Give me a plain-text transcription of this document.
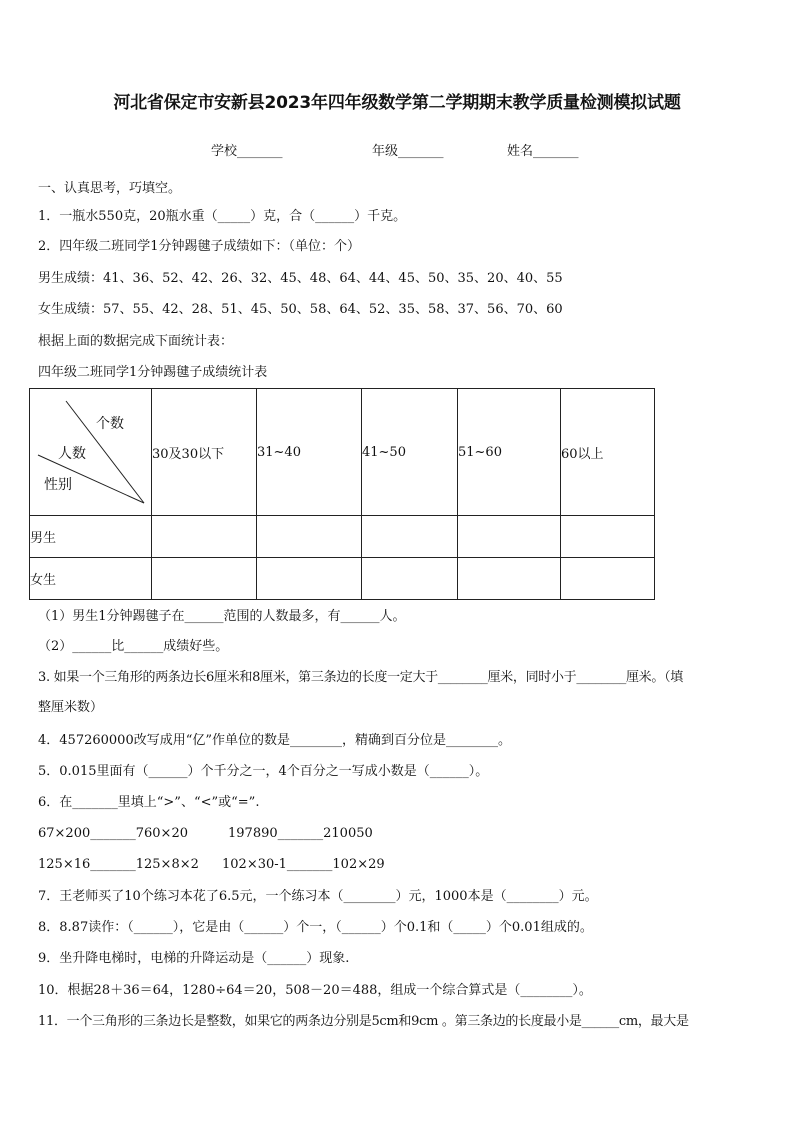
河北省保定市安新县2023年四年级数学第二学期期末教学质量检测模拟试题
学校_______	年级_______	姓名_______
一、认真思考，巧填空。
1．一瓶水550克，20瓶水重（_____）克，合（______）千克。
2．四年级二班同学1分钟踢毽子成绩如下：（单位：个）
男生成绩：41、36、52、42、26、32、45、48、64、44、45、50、35、20、40、55
女生成绩：57、55、42、28、51、45、50、58、64、52、35、58、37、56、70、60
根据上面的数据完成下面统计表：
四年级二班同学1分钟踢毽子成绩统计表
个数
人数
性别	30及30以下	31~40	41~50	51~60	60以上
男生					
女生					
（1）男生1分钟踢毽子在______范围的人数最多，有______人。
（2）______比______成绩好些。
3. 如果一个三角形的两条边长6厘米和8厘米，第三条边的长度一定大于________厘米，同时小于________厘米。（填
整厘米数）
4．457260000改写成用“亿”作单位的数是________，精确到百分位是________。
5．0.015里面有（______）个千分之一，4个百分之一写成小数是（______）。
6．在_______里填上“>”、“<”或“=”.
67×200_______760×20	197890_______210050
125×16_______125×8×2 102×30-1_______102×29
7．王老师买了10个练习本花了6.5元，一个练习本（________）元，1000本是（________）元。
8．8.87读作：（______），它是由（______）个一，（______）个0.1和（_____）个0.01组成的。
9．坐升降电梯时，电梯的升降运动是（______）现象.
10．根据28＋36＝64，1280÷64＝20，508－20＝488，组成一个综合算式是（________）。
11．一个三角形的三条边长是整数，如果它的两条边分别是5cm和9cm 。第三条边的长度最小是______cm，最大是
